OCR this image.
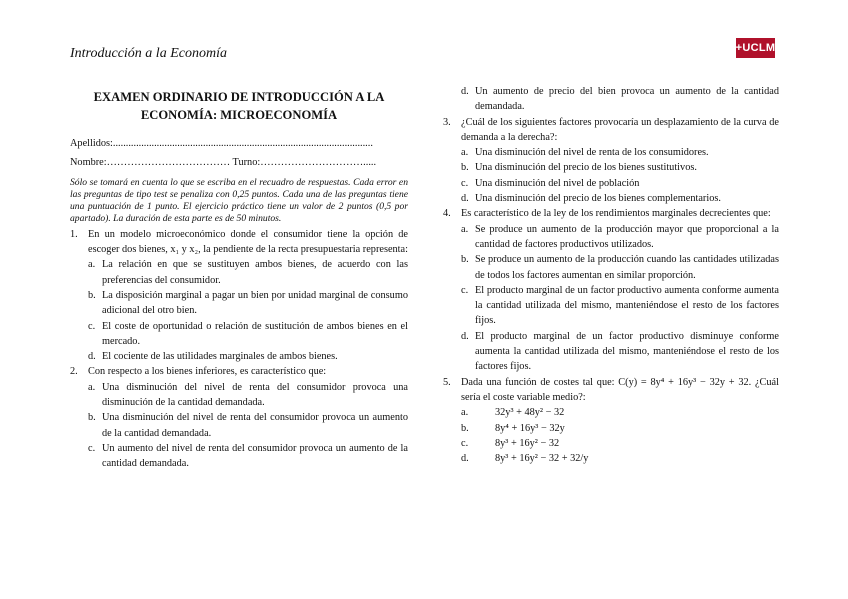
Introducción a la Economía	+UCLM
EXAMEN ORDINARIO DE INTRODUCCIÓN A LA ECONOMÍA: MICROECONOMÍA
Apellidos:.....................................................................................................
Nombre:……………………………… Turno:………………………….....
Sólo se tomará en cuenta lo que se escriba en el recuadro de respuestas. Cada error en las preguntas de tipo test se penaliza con 0,25 puntos. Cada una de las preguntas tiene una puntuación de 1 punto. El ejercicio práctico tiene un valor de 2 puntos (0,5 por apartado). La duración de esta parte es de 50 minutos.
1. En un modelo microeconómico donde el consumidor tiene la opción de escoger dos bienes, x₁ y x₂, la pendiente de la recta presupuestaria representa:
a. La relación en que se sustituyen ambos bienes, de acuerdo con las preferencias del consumidor.
b. La disposición marginal a pagar un bien por unidad marginal de consumo adicional del otro bien.
c. El coste de oportunidad o relación de sustitución de ambos bienes en el mercado.
d. El cociente de las utilidades marginales de ambos bienes.
2. Con respecto a los bienes inferiores, es característico que:
a. Una disminución del nivel de renta del consumidor provoca una disminución de la cantidad demandada.
b. Una disminución del nivel de renta del consumidor provoca un aumento de la cantidad demandada.
c. Un aumento del nivel de renta del consumidor provoca un aumento de la cantidad demandada.
d. Un aumento de precio del bien provoca un aumento de la cantidad demandada.
3. ¿Cuál de los siguientes factores provocaría un desplazamiento de la curva de demanda a la derecha?:
a. Una disminución del nivel de renta de los consumidores.
b. Una disminución del precio de los bienes sustitutivos.
c. Una disminución del nivel de población
d. Una disminución del precio de los bienes complementarios.
4. Es característico de la ley de los rendimientos marginales decrecientes que:
a. Se produce un aumento de la producción mayor que proporcional a la cantidad de factores productivos utilizados.
b. Se produce un aumento de la producción cuando las cantidades utilizadas de todos los factores aumentan en similar proporción.
c. El producto marginal de un factor productivo aumenta conforme aumenta la cantidad utilizada del mismo, manteniéndose el resto de los factores fijos.
d. El producto marginal de un factor productivo disminuye conforme aumenta la cantidad utilizada del mismo, manteniéndose el resto de los factores fijos.
5. Dada una función de costes tal que: C(y) = 8y⁴ + 16y³ − 32y + 32. ¿Cuál sería el coste variable medio?:
a.	32y³ + 48y² − 32
b.	8y⁴ + 16y³ − 32y
c.	8y³ + 16y² − 32
d.	8y³ + 16y² − 32 + 32/y
